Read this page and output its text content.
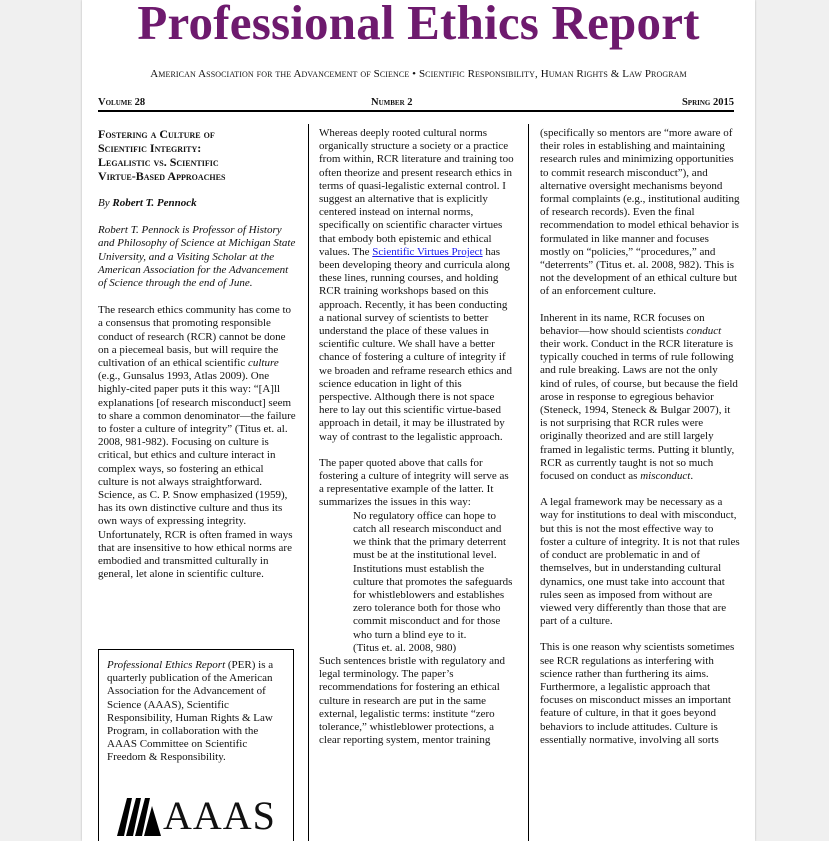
Professional Ethics Report
American Association for the Advancement of Science • Scientific Responsibility, Human Rights & Law Program
Volume 28	Number 2	Spring 2015
Fostering a Culture of
Scientific Integrity:
Legalistic vs. Scientific
Virtue-Based Approaches
By Robert T. Pennock
Robert T. Pennock is Professor of History and Philosophy of Science at Michigan State University, and a Visiting Scholar at the American Association for the Advancement of Science through the end of June.

The research ethics community has come to a consensus that promoting responsible conduct of research (RCR) cannot be done on a piecemeal basis, but will require the cultivation of an ethical scientific culture (e.g., Gunsalus 1993, Atlas 2009). One highly-cited paper puts it this way: “[A]ll explanations [of research misconduct] seem to share a common denominator—the failure to foster a culture of integrity” (Titus et. al. 2008, 981-982). Focusing on culture is critical, but ethics and culture interact in complex ways, so fostering an ethical culture is not always straightforward. Science, as C. P. Snow emphasized (1959), has its own distinctive culture and thus its own ways of expressing integrity. Unfortunately, RCR is often framed in ways that are insensitive to how ethical norms are embodied and transmitted culturally in general, let alone in scientific culture.

Professional Ethics Report (PER) is a quarterly publication of the American Association for the Advancement of Science (AAAS), Scientific Responsibility, Human Rights & Law Program, in collaboration with the AAAS Committee on Scientific Freedom & Responsibility.
AAAS

Whereas deeply rooted cultural norms organically structure a society or a practice from within, RCR literature and training too often theorize and present research ethics in terms of quasi-legalistic external control. I suggest an alternative that is explicitly centered instead on internal norms, specifically on scientific character virtues that embody both epistemic and ethical values. The Scientific Virtues Project has been developing theory and curricula along these lines, running courses, and holding RCR training workshops based on this approach. Recently, it has been conducting a national survey of scientists to better understand the place of these values in scientific culture. We shall have a better chance of fostering a culture of integrity if we broaden and reframe research ethics and science education in light of this perspective. Although there is not space here to lay out this scientific virtue-based approach in detail, it may be illustrated by way of contrast to the legalistic approach.

The paper quoted above that calls for fostering a culture of integrity will serve as a representative example of the latter. It summarizes the issues in this way:
No regulatory office can hope to catch all research misconduct and we think that the primary deterrent must be at the institutional level. Institutions must establish the culture that promotes the safeguards for whistleblowers and establishes zero tolerance both for those who commit misconduct and for those who turn a blind eye to it.
(Titus et. al. 2008, 980)
Such sentences bristle with regulatory and legal terminology. The paper’s recommendations for fostering an ethical culture in research are put in the same external, legalistic terms: institute “zero tolerance,” whistleblower protections, a clear reporting system, mentor training

(specifically so mentors are “more aware of their roles in establishing and maintaining research rules and minimizing opportunities to commit research misconduct”), and alternative oversight mechanisms beyond formal complaints (e.g., institutional auditing of research records). Even the final recommendation to model ethical behavior is formulated in like manner and focuses mostly on “policies,” “procedures,” and “deterrents” (Titus et. al. 2008, 982). This is not the development of an ethical culture but of an enforcement culture.

Inherent in its name, RCR focuses on behavior—how should scientists conduct their work. Conduct in the RCR literature is typically couched in terms of rule following and rule breaking. Laws are not the only kind of rules, of course, but because the field arose in response to egregious behavior (Steneck, 1994, Steneck & Bulgar 2007), it is not surprising that RCR rules were originally theorized and are still largely framed in legalistic terms. Putting it bluntly, RCR as currently taught is not so much focused on conduct as misconduct.

A legal framework may be necessary as a way for institutions to deal with misconduct, but this is not the most effective way to foster a culture of integrity. It is not that rules of conduct are problematic in and of themselves, but in understanding cultural dynamics, one must take into account that rules seen as imposed from without are viewed very differently than those that are part of a culture.

This is one reason why scientists sometimes see RCR regulations as interfering with science rather than furthering its aims. Furthermore, a legalistic approach that focuses on misconduct misses an important feature of culture, in that it goes beyond behaviors to include attitudes. Culture is essentially normative, involving all sorts
